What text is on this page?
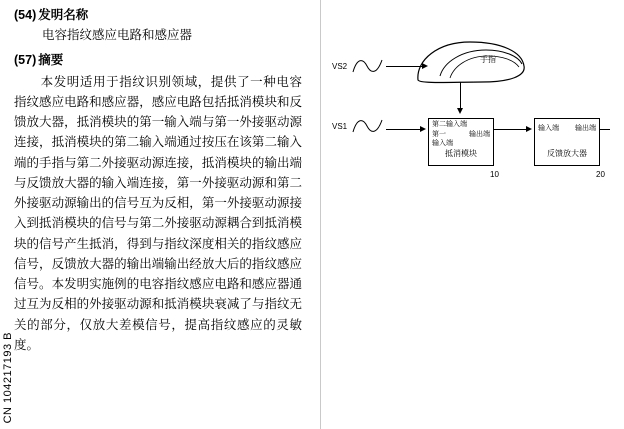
CN 104217193 B
(54) 发明名称
电容指纹感应电路和感应器
(57) 摘要
本发明适用于指纹识别领域，提供了一种电容指纹感应电路和感应器，感应电路包括抵消模块和反馈放大器，抵消模块的第一输入端与第一外接驱动源连接，抵消模块的第二输入端通过按压在该第二输入端的手指与第二外接驱动源连接，抵消模块的输出端与反馈放大器的输入端连接，第一外接驱动源和第二外接驱动源输出的信号互为反相，第一外接驱动源接入到抵消模块的信号与第二外接驱动源耦合到抵消模块的信号产生抵消，得到与指纹深度相关的指纹感应信号，反馈放大器的输出端输出经放大后的指纹感应信号。本发明实施例的电容指纹感应电路和感应器通过互为反相的外接驱动源和抵消模块衰减了与指纹无关的部分，仅放大差模信号，提高指纹感应的灵敏度。
手指
VS2
VS1	第二输入端
第一
输入端
输出端
抵消模块
10
输入端 输出端
反馈放大器
20
